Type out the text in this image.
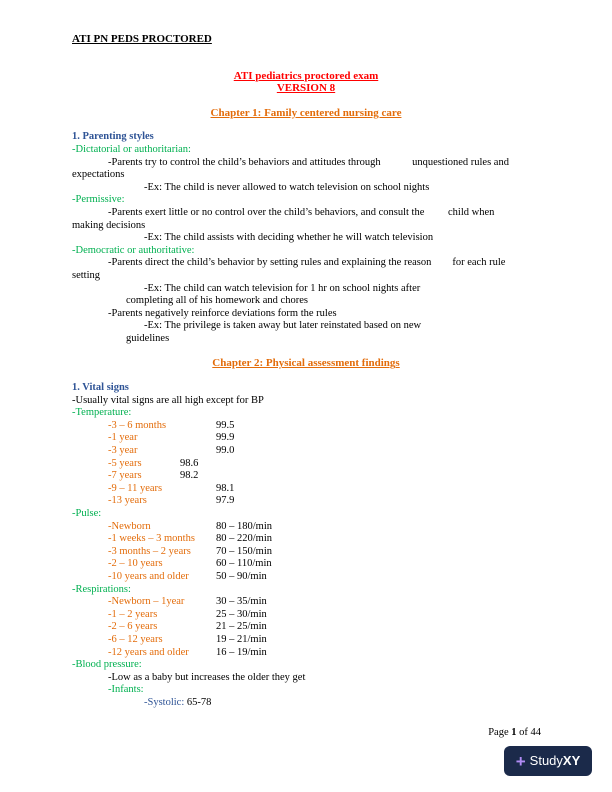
ATI PN PEDS PROCTORED
ATI pediatrics proctored exam
VERSION 8
Chapter 1: Family centered nursing care
1. Parenting styles
-Dictatorial or authoritarian:
-Parents try to control the child’s behaviors and attitudes through            unquestioned rules and
expectations
-Ex: The child is never allowed to watch television on school nights
-Permissive:
-Parents exert little or no control over the child’s behaviors, and consult the         child when
making decisions
-Ex: The child assists with deciding whether he will watch television
-Democratic or authoritative:
-Parents direct the child’s behavior by setting rules and explaining the reason        for each rule
setting
-Ex: The child can watch television for 1 hr on school nights after
completing all of his homework and chores
-Parents negatively reinforce deviations form the rules
-Ex: The privilege is taken away but later reinstated based on new
guidelines
Chapter 2: Physical assessment findings
1. Vital signs
-Usually vital signs are all high except for BP
-Temperature:
-3 – 6 months	99.5
-1 year	99.9
-3 year	99.0
-5 years	98.6
-7 years	98.2
-9 – 11 years	98.1
-13 years	97.9
-Pulse:
-Newborn	80 – 180/min
-1 weeks – 3 months 80 – 220/min
-3 months – 2 years 70 – 150/min
-2 – 10 years	60 – 110/min
-10 years and older	50 – 90/min
-Respirations:
-Newborn – 1year	30 – 35/min
-1 – 2 years	25 – 30/min
-2 – 6 years	21 – 25/min
-6 – 12 years	19 – 21/min
-12 years and older	16 – 19/min
-Blood pressure:
-Low as a baby but increases the older they get
-Infants:
-Systolic: 65-78
Page 1 of 44
+ StudyXY
